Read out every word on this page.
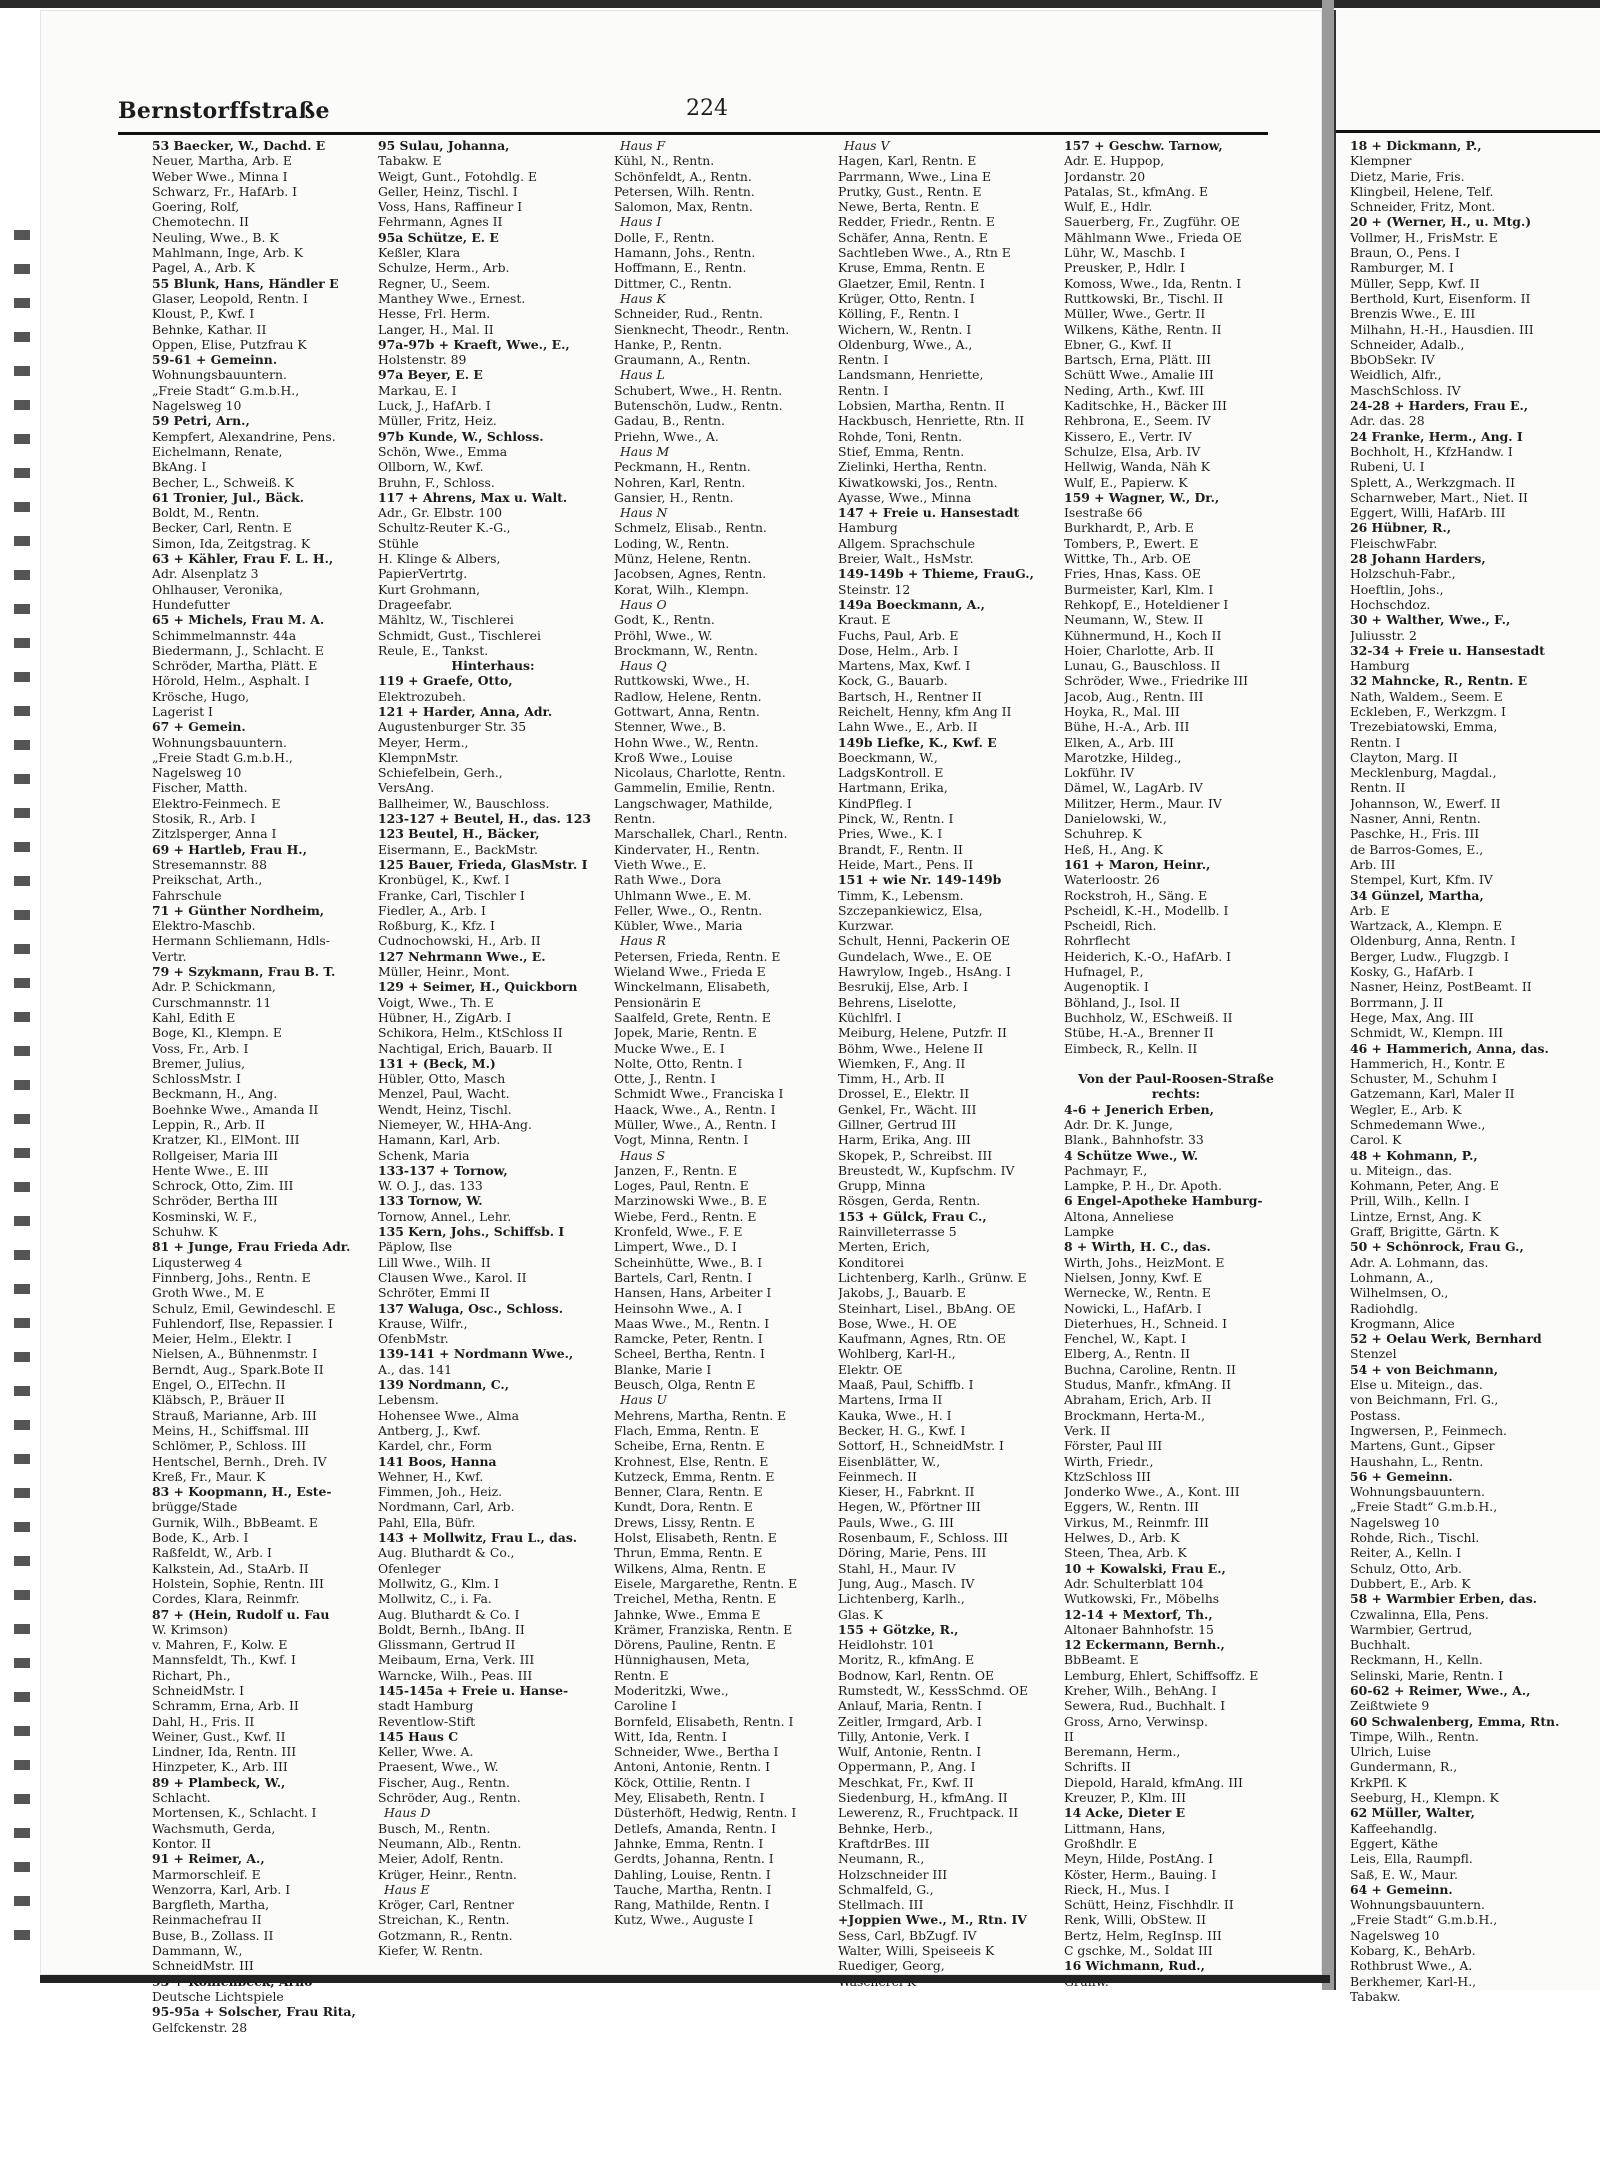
Bernstorffstraße	224
53 Baecker, W., Dachd. E
Neuer, Martha, Arb. E
Weber Wwe., Minna I
Schwarz, Fr., HafArb. I
Goering, Rolf,
Chemotechn. II
Neuling, Wwe., B. K
Mahlmann, Inge, Arb. K
Pagel, A., Arb. K
55 Blunk, Hans, Händler E
Glaser, Leopold, Rentn. I
Kloust, P., Kwf. I
Behnke, Kathar. II
Oppen, Elise, Putzfrau K
59-61 + Gemeinn.
Wohnungsbauuntern.
„Freie Stadt“ G.m.b.H.,
Nagelsweg 10
59 Petri, Arn.,
Kempfert, Alexandrine, Pens.
Eichelmann, Renate,
BkAng. I
Becher, L., Schweiß. K
61 Tronier, Jul., Bäck.
Boldt, M., Rentn.
Becker, Carl, Rentn. E
Simon, Ida, Zeitgstrag. K
63 + Kähler, Frau F. L. H.,
Adr. Alsenplatz 3
Ohlhauser, Veronika,
Hundefutter
65 + Michels, Frau M. A.
Schimmelmannstr. 44a
Biedermann, J., Schlacht. E
Schröder, Martha, Plätt. E
Hörold, Helm., Asphalt. I
Krösche, Hugo,
Lagerist I
67 + Gemein.
Wohnungsbauuntern.
„Freie Stadt G.m.b.H.,
Nagelsweg 10
Fischer, Matth.
Elektro-Feinmech. E
Stosik, R., Arb. I
Zitzlsperger, Anna I
69 + Hartleb, Frau H.,
Stresemannstr. 88
Preikschat, Arth.,
Fahrschule
71 + Günther Nordheim,
Elektro-Maschb.
Hermann Schliemann, Hdls-
Vertr.
79 + Szykmann, Frau B. T.
Adr. P. Schickmann,
Curschmannstr. 11
Kahl, Edith E
Boge, Kl., Klempn. E
Voss, Fr., Arb. I
Bremer, Julius,
SchlossMstr. I
Beckmann, H., Ang.
Boehnke Wwe., Amanda II
Leppin, R., Arb. II
Kratzer, Kl., ElMont. III
Rollgeiser, Maria III
Hente Wwe., E. III
Schrock, Otto, Zim. III
Schröder, Bertha III
Kosminski, W. F.,
Schuhw. K
81 + Junge, Frau Frieda Adr.
Liqusterweg 4
Finnberg, Johs., Rentn. E
Groth Wwe., M. E
Schulz, Emil, Gewindeschl. E
Fuhlendorf, Ilse, Repassier. I
Meier, Helm., Elektr. I
Nielsen, A., Bühnenmstr. I
Berndt, Aug., Spark.Bote II
Engel, O., ElTechn. II
Kläbsch, P., Bräuer II
Strauß, Marianne, Arb. III
Meins, H., Schiffsmal. III
Schlömer, P., Schloss. III
Hentschel, Bernh., Dreh. IV
Kreß, Fr., Maur. K
83 + Koopmann, H., Este-
brügge/Stade
Gurnik, Wilh., BbBeamt. E
Bode, K., Arb. I
Raßfeldt, W., Arb. I
Kalkstein, Ad., StaArb. II
Holstein, Sophie, Rentn. III
Cordes, Klara, Reinmfr.
87 + (Hein, Rudolf u. Fau
W. Krimson)
v. Mahren, F., Kolw. E
Mannsfeldt, Th., Kwf. I
Richart, Ph.,
SchneidMstr. I
Schramm, Erna, Arb. II
Dahl, H., Fris. II
Weiner, Gust., Kwf. II
Lindner, Ida, Rentn. III
Hinzpeter, K., Arb. III
89 + Plambeck, W.,
Schlacht.
Mortensen, K., Schlacht. I
Wachsmuth, Gerda,
Kontor. II
91 + Reimer, A.,
Marmorschleif. E
Wenzorra, Karl, Arb. I
Bargfleth, Martha,
Reinmachefrau II
Buse, B., Zollass. II
Dammann, W.,
SchneidMstr. III
Deutsche Lichtspiele
95-95a + Solscher, Frau Rita,
Gelfckenstr. 28
95 Sulau, Johanna,
Tabakw. E
Weigt, Gunt., Fotohdlg. E
Geller, Heinz, Tischl. I
Voss, Hans, Raffineur I
Fehrmann, Agnes II
95a Schütze, E. E
Keßler, Klara
Schulze, Herm., Arb.
Regner, U., Seem.
Manthey Wwe., Ernest.
Hesse, Frl. Herm.
Langer, H., Mal. II
97a-97b + Kraeft, Wwe., E.,
Holstenstr. 89
97a Beyer, E. E
Markau, E. I
Luck, J., HafArb. I
Müller, Fritz, Heiz.
97b Kunde, W., Schloss.
Schön, Wwe., Emma
Ollborn, W., Kwf.
Bruhn, F., Schloss.
117 + Ahrens, Max u. Walt.
Adr., Gr. Elbstr. 100
Schultz-Reuter K.-G.,
Stühle
H. Klinge & Albers,
PapierVertrtg.
Kurt Grohmann,
Drageefabr.
Mähltz, W., Tischlerei
Schmidt, Gust., Tischlerei
Reule, E., Tankst.
Hinterhaus:
119 + Graefe, Otto,
Elektrozubeh.
121 + Harder, Anna, Adr.
Augustenburger Str. 35
Meyer, Herm.,
KlempnMstr.
Schiefelbein, Gerh.,
VersAng.
Ballheimer, W., Bauschloss.
123-127 + Beutel, H., das. 123
123 Beutel, H., Bäcker,
Eisermann, E., BackMstr.
125 Bauer, Frieda, GlasMstr. I
Kronbügel, K., Kwf. I
Franke, Carl, Tischler I
Fiedler, A., Arb. I
Roßburg, K., Kfz. I
Cudnochowski, H., Arb. II
127 Nehrmann Wwe., E.
Müller, Heinr., Mont.
129 + Seimer, H., Quickborn
Voigt, Wwe., Th. E
Hübner, H., ZigArb. I
Schikora, Helm., KtSchloss II
Nachtigal, Erich, Bauarb. II
131 + (Beck, M.)
Hübler, Otto, Masch
Menzel, Paul, Wacht.
Wendt, Heinz, Tischl.
Niemeyer, W., HHA-Ang.
Hamann, Karl, Arb.
Schenk, Maria
133-137 + Tornow,
W. O. J., das. 133
133 Tornow, W.
Tornow, Annel., Lehr.
135 Kern, Johs., Schiffsb. I
Päplow, Ilse
Lill Wwe., Wilh. II
Clausen Wwe., Karol. II
Schröter, Emmi II
137 Waluga, Osc., Schloss.
Krause, Wilfr.,
OfenbMstr.
139-141 + Nordmann Wwe.,
A., das. 141
139 Nordmann, C.,
Lebensm.
Hohensee Wwe., Alma
Antberg, J., Kwf.
Kardel, chr., Form
141 Boos, Hanna
Wehner, H., Kwf.
Fimmen, Joh., Heiz.
Nordmann, Carl, Arb.
Pahl, Ella, Büfr.
143 + Mollwitz, Frau L., das.
Aug. Bluthardt & Co.,
Ofenleger
Mollwitz, G., Klm. I
Mollwitz, C., i. Fa.
Aug. Bluthardt & Co. I
Boldt, Bernh., IbAng. II
Glissmann, Gertrud II
Meibaum, Erna, Verk. III
Warncke, Wilh., Peas. III
145-145a + Freie u. Hanse-
stadt Hamburg
Reventlow-Stift
145 Haus C
Keller, Wwe. A.
Praesent, Wwe., W.
Fischer, Aug., Rentn.
Schröder, Aug., Rentn.
Haus D
Busch, M., Rentn.
Neumann, Alb., Rentn.
Meier, Adolf, Rentn.
Krüger, Heinr., Rentn.
Haus E
Kröger, Carl, Rentner
Streichan, K., Rentn.
Gotzmann, R., Rentn.
Kiefer, W. Rentn.
Haus F
Kühl, N., Rentn.
Schönfeldt, A., Rentn.
Petersen, Wilh. Rentn.
Salomon, Max, Rentn.
Haus I
Dolle, F., Rentn.
Hamann, Johs., Rentn.
Hoffmann, E., Rentn.
Dittmer, C., Rentn.
Haus K
Schneider, Rud., Rentn.
Sienknecht, Theodr., Rentn.
Hanke, P., Rentn.
Graumann, A., Rentn.
Haus L
Schubert, Wwe., H. Rentn.
Butenschön, Ludw., Rentn.
Gadau, B., Rentn.
Priehn, Wwe., A.
Haus M
Peckmann, H., Rentn.
Nohren, Karl, Rentn.
Gansier, H., Rentn.
Haus N
Schmelz, Elisab., Rentn.
Loding, W., Rentn.
Münz, Helene, Rentn.
Jacobsen, Agnes, Rentn.
Korat, Wilh., Klempn.
Haus O
Godt, K., Rentn.
Pröhl, Wwe., W.
Brockmann, W., Rentn.
Haus Q
Ruttkowski, Wwe., H.
Radlow, Helene, Rentn.
Gottwart, Anna, Rentn.
Stenner, Wwe., B.
Hohn Wwe., W., Rentn.
Kroß Wwe., Louise
Nicolaus, Charlotte, Rentn.
Gammelin, Emilie, Rentn.
Langschwager, Mathilde,
Rentn.
Marschallek, Charl., Rentn.
Kindervater, H., Rentn.
Vieth Wwe., E.
Rath Wwe., Dora
Uhlmann Wwe., E. M.
Feller, Wwe., O., Rentn.
Kübler, Wwe., Maria
Haus R
Petersen, Frieda, Rentn. E
Wieland Wwe., Frieda E
Winckelmann, Elisabeth,
Pensionärin E
Saalfeld, Grete, Rentn. E
Jopek, Marie, Rentn. E
Mucke Wwe., E. I
Nolte, Otto, Rentn. I
Otte, J., Rentn. I
Schmidt Wwe., Franciska I
Haack, Wwe., A., Rentn. I
Müller, Wwe., A., Rentn. I
Vogt, Minna, Rentn. I
Haus S
Janzen, F., Rentn. E
Loges, Paul, Rentn. E
Marzinowski Wwe., B. E
Wiebe, Ferd., Rentn. E
Kronfeld, Wwe., F. E
Limpert, Wwe., D. I
Scheinhütte, Wwe., B. I
Bartels, Carl, Rentn. I
Hansen, Hans, Arbeiter I
Heinsohn Wwe., A. I
Maas Wwe., M., Rentn. I
Ramcke, Peter, Rentn. I
Scheel, Bertha, Rentn. I
Blanke, Marie I
Beusch, Olga, Rentn E
Haus U
Mehrens, Martha, Rentn. E
Flach, Emma, Rentn. E
Scheibe, Erna, Rentn. E
Krohnest, Else, Rentn. E
Kutzeck, Emma, Rentn. E
Benner, Clara, Rentn. E
Kundt, Dora, Rentn. E
Drews, Lissy, Rentn. E
Holst, Elisabeth, Rentn. E
Thrun, Emma, Rentn. E
Wilkens, Alma, Rentn. E
Eisele, Margarethe, Rentn. E
Treichel, Metha, Rentn. E
Jahnke, Wwe., Emma E
Krämer, Franziska, Rentn. E
Dörens, Pauline, Rentn. E
Hünnighausen, Meta,
Rentn. E
Moderitzki, Wwe.,
Caroline I
Bornfeld, Elisabeth, Rentn. I
Witt, Ida, Rentn. I
Schneider, Wwe., Bertha I
Antoni, Antonie, Rentn. I
Köck, Ottilie, Rentn. I
Mey, Elisabeth, Rentn. I
Düsterhöft, Hedwig, Rentn. I
Detlefs, Amanda, Rentn. I
Jahnke, Emma, Rentn. I
Gerdts, Johanna, Rentn. I
Dahling, Louise, Rentn. I
Tauche, Martha, Rentn. I
Rang, Mathilde, Rentn. I
Kutz, Wwe., Auguste I
Haus V
Hagen, Karl, Rentn. E
Parrmann, Wwe., Lina E
Prutky, Gust., Rentn. E
Newe, Berta, Rentn. E
Redder, Friedr., Rentn. E
Schäfer, Anna, Rentn. E
Sachtleben Wwe., A., Rtn E
Kruse, Emma, Rentn. E
Glaetzer, Emil, Rentn. I
Krüger, Otto, Rentn. I
Kölling, F., Rentn. I
Wichern, W., Rentn. I
Oldenburg, Wwe., A.,
Rentn. I
Landsmann, Henriette,
Rentn. I
Lobsien, Martha, Rentn. II
Hackbusch, Henriette, Rtn. II
Rohde, Toni, Rentn.
Stief, Emma, Rentn.
Zielinki, Hertha, Rentn.
Kiwatkowski, Jos., Rentn.
Ayasse, Wwe., Minna
147 + Freie u. Hansestadt
Hamburg
Allgem. Sprachschule
Breier, Walt., HsMstr.
149-149b + Thieme, FrauG.,
Steinstr. 12
149a Boeckmann, A.,
Kraut. E
Fuchs, Paul, Arb. E
Dose, Helm., Arb. I
Martens, Max, Kwf. I
Kock, G., Bauarb.
Bartsch, H., Rentner II
Reichelt, Henny, kfm Ang II
Lahn Wwe., E., Arb. II
149b Liefke, K., Kwf. E
Boeckmann, W.,
LadgsKontroll. E
Hartmann, Erika,
KindPfleg. I
Pinck, W., Rentn. I
Pries, Wwe., K. I
Brandt, F., Rentn. II
Heide, Mart., Pens. II
151 + wie Nr. 149-149b
Timm, K., Lebensm.
Szczepankiewicz, Elsa,
Kurzwar.
Schult, Henni, Packerin OE
Gundelach, Wwe., E. OE
Hawrylow, Ingeb., HsAng. I
Besrukij, Else, Arb. I
Behrens, Liselotte,
Küchlfrl. I
Meiburg, Helene, Putzfr. II
Böhm, Wwe., Helene II
Wiemken, F., Ang. II
Timm, H., Arb. II
Drossel, E., Elektr. II
Genkel, Fr., Wächt. III
Gillner, Gertrud III
Harm, Erika, Ang. III
Skopek, P., Schreibst. III
Breustedt, W., Kupfschm. IV
Grupp, Minna
Rösgen, Gerda, Rentn.
153 + Gülck, Frau C.,
Rainvilleterrasse 5
Merten, Erich,
Konditorei
Lichtenberg, Karlh., Grünw. E
Jakobs, J., Bauarb. E
Steinhart, Lisel., BbAng. OE
Bose, Wwe., H. OE
Kaufmann, Agnes, Rtn. OE
Wohlberg, Karl-H.,
Elektr. OE
Maaß, Paul, Schiffb. I
Martens, Irma II
Kauka, Wwe., H. I
Becker, H. G., Kwf. I
Sottorf, H., SchneidMstr. I
Eisenblätter, W.,
Feinmech. II
Kieser, H., Fabrknt. II
Hegen, W., Pförtner III
Pauls, Wwe., G. III
Rosenbaum, F., Schloss. III
Döring, Marie, Pens. III
Stahl, H., Maur. IV
Jung, Aug., Masch. IV
Lichtenberg, Karlh.,
Glas. K
155 + Götzke, R.,
Heidlohstr. 101
Moritz, R., kfmAng. E
Bodnow, Karl, Rentn. OE
Rumstedt, W., KessSchmd. OE
Anlauf, Maria, Rentn. I
Zeitler, Irmgard, Arb. I
Tilly, Antonie, Verk. I
Wulf, Antonie, Rentn. I
Oppermann, P., Ang. I
Meschkat, Fr., Kwf. II
Siedenburg, H., kfmAng. II
Lewerenz, R., Fruchtpack. II
Behnke, Herb.,
KraftdrBes. III
Neumann, R.,
Holzschneider III
Schmalfeld, G.,
Stellmach. III
+Joppien Wwe., M., Rtn. IV
Sess, Carl, BbZugf. IV
Walter, Willi, Speiseeis K
Ruediger, Georg,
157 + Geschw. Tarnow,
Adr. E. Huppop,
Jordanstr. 20
Patalas, St., kfmAng. E
Wulf, E., Hdlr.
Sauerberg, Fr., Zugführ. OE
Mählmann Wwe., Frieda OE
Lühr, W., Maschb. I
Preusker, P., Hdlr. I
Komoss, Wwe., Ida, Rentn. I
Ruttkowski, Br., Tischl. II
Müller, Wwe., Gertr. II
Wilkens, Käthe, Rentn. II
Ebner, G., Kwf. II
Bartsch, Erna, Plätt. III
Schütt Wwe., Amalie III
Neding, Arth., Kwf. III
Kaditschke, H., Bäcker III
Rehbrona, E., Seem. IV
Kissero, E., Vertr. IV
Schulze, Elsa, Arb. IV
Hellwig, Wanda, Näh K
Wulf, E., Papierw. K
159 + Wagner, W., Dr.,
Isestraße 66
Burkhardt, P., Arb. E
Tombers, P., Ewert. E
Wittke, Th., Arb. OE
Fries, Hnas, Kass. OE
Burmeister, Karl, Klm. I
Rehkopf, E., Hoteldiener I
Neumann, W., Stew. II
Kühnermund, H., Koch II
Hoier, Charlotte, Arb. II
Lunau, G., Bauschloss. II
Schröder, Wwe., Friedrike III
Jacob, Aug., Rentn. III
Hoyka, R., Mal. III
Bühe, H.-A., Arb. III
Elken, A., Arb. III
Marotzke, Hildeg.,
Lokführ. IV
Dämel, W., LagArb. IV
Militzer, Herm., Maur. IV
Danielowski, W.,
Schuhrep. K
Heß, H., Ang. K
161 + Maron, Heinr.,
Waterloostr. 26
Rockstroh, H., Säng. E
Pscheidl, K.-H., Modellb. I
Pscheidl, Rich.
Rohrflecht
Heiderich, K.-O., HafArb. I
Hufnagel, P.,
Augenoptik. I
Böhland, J., Isol. II
Buchholz, W., ESchweiß. II
Stübe, H.-A., Brenner II
Eimbeck, R., Kelln. II
Von der Paul-Roosen-Straße
rechts:
4-6 + Jenerich Erben,
Adr. Dr. K. Junge,
Blank., Bahnhofstr. 33
4 Schütze Wwe., W.
Pachmayr, F.,
Lampke, P. H., Dr. Apoth.
6 Engel-Apotheke Hamburg-
Altona, Anneliese
Lampke
8 + Wirth, H. C., das.
Wirth, Johs., HeizMont. E
Nielsen, Jonny, Kwf. E
Wernecke, W., Rentn. E
Nowicki, L., HafArb. I
Dieterhues, H., Schneid. I
Fenchel, W., Kapt. I
Elberg, A., Rentn. II
Buchna, Caroline, Rentn. II
Studus, Manfr., kfmAng. II
Abraham, Erich, Arb. II
Brockmann, Herta-M.,
Verk. II
Förster, Paul III
Wirth, Friedr.,
KtzSchloss III
Jonderko Wwe., A., Kont. III
Eggers, W., Rentn. III
Virkus, M., Reinmfr. III
Helwes, D., Arb. K
Steen, Thea, Arb. K
10 + Kowalski, Frau E.,
Adr. Schulterblatt 104
Wutkowski, Fr., Möbelhs
12-14 + Mextorf, Th.,
Altonaer Bahnhofstr. 15
12 Eckermann, Bernh.,
BbBeamt. E
Lemburg, Ehlert, Schiffsoffz. E
Kreher, Wilh., BehAng. I
Sewera, Rud., Buchhalt. I
Gross, Arno, Verwinsp.
II
Beremann, Herm.,
Schrifts. II
Diepold, Harald, kfmAng. III
Kreuzer, P., Klm. III
14 Acke, Dieter E
Littmann, Hans,
Großhdlr. E
Meyn, Hilde, PostAng. I
Köster, Herm., Bauing. I
Rieck, H., Mus. I
Schütt, Heinz, Fischhdlr. II
Renk, Willi, ObStew. II
Bertz, Helm, RegInsp. III
C gschke, M., Soldat III
16 Wichmann, Rud.,
18 + Dickmann, P.,
Klempner
Dietz, Marie, Fris.
Klingbeil, Helene, Telf.
Schneider, Fritz, Mont.
20 + (Werner, H., u. Mtg.)
Vollmer, H., FrisMstr. E
Braun, O., Pens. I
Ramburger, M. I
Müller, Sepp, Kwf. II
Berthold, Kurt, Eisenform. II
Brenzis Wwe., E. III
Milhahn, H.-H., Hausdien. III
Schneider, Adalb.,
BbObSekr. IV
Weidlich, Alfr.,
MaschSchloss. IV
24-28 + Harders, Frau E.,
Adr. das. 28
24 Franke, Herm., Ang. I
Bochholt, H., KfzHandw. I
Rubeni, U. I
Splett, A., Werkzgmach. II
Scharnweber, Mart., Niet. II
Eggert, Willi, HafArb. III
26 Hübner, R.,
FleischwFabr.
28 Johann Harders,
Holzschuh-Fabr.,
Hoeftlin, Johs.,
Hochschdoz.
30 + Walther, Wwe., F.,
Juliusstr. 2
32-34 + Freie u. Hansestadt
Hamburg
32 Mahncke, R., Rentn. E
Nath, Waldem., Seem. E
Eckleben, F., Werkzgm. I
Trezebiatowski, Emma,
Rentn. I
Clayton, Marg. II
Mecklenburg, Magdal.,
Rentn. II
Johannson, W., Ewerf. II
Nasner, Anni, Rentn.
Paschke, H., Fris. III
de Barros-Gomes, E.,
Arb. III
Stempel, Kurt, Kfm. IV
34 Günzel, Martha,
Arb. E
Wartzack, A., Klempn. E
Oldenburg, Anna, Rentn. I
Berger, Ludw., Flugzgb. I
Kosky, G., HafArb. I
Nasner, Heinz, PostBeamt. II
Borrmann, J. II
Hege, Max, Ang. III
Schmidt, W., Klempn. III
46 + Hammerich, Anna, das.
Hammerich, H., Kontr. E
Schuster, M., Schuhm I
Gatzemann, Karl, Maler II
Wegler, E., Arb. K
Schmedemann Wwe.,
Carol. K
48 + Kohmann, P.,
u. Miteign., das.
Kohmann, Peter, Ang. E
Prill, Wilh., Kelln. I
Lintze, Ernst, Ang. K
Graff, Brigitte, Gärtn. K
50 + Schönrock, Frau G.,
Adr. A. Lohmann, das.
Lohmann, A.,
Wilhelmsen, O.,
Radiohdlg.
Krogmann, Alice
52 + Oelau Werk, Bernhard
Stenzel
54 + von Beichmann,
Else u. Miteign., das.
von Beichmann, Frl. G.,
Postass.
Ingwersen, P., Feinmech.
Martens, Gunt., Gipser
Haushahn, L., Rentn.
56 + Gemeinn.
Wohnungsbauuntern.
„Freie Stadt“ G.m.b.H.,
Nagelsweg 10
Rohde, Rich., Tischl.
Reiter, A., Kelln. I
Schulz, Otto, Arb.
Dubbert, E., Arb. K
58 + Warmbier Erben, das.
Czwalinna, Ella, Pens.
Warmbier, Gertrud,
Buchhalt.
Reckmann, H., Kelln.
Selinski, Marie, Rentn. I
60-62 + Reimer, Wwe., A.,
Zeißtwiete 9
60 Schwalenberg, Emma, Rtn.
Timpe, Wilh., Rentn.
Ulrich, Luise
Gundermann, R.,
KrkPfl. K
Seeburg, H., Klempn. K
62 Müller, Walter,
Kaffeehandlg.
Eggert, Käthe
Leis, Ella, Raumpfl.
Saß, E. W., Maur.
64 + Gemeinn.
Wohnungsbauuntern.
„Freie Stadt“ G.m.b.H.,
Nagelsweg 10
Kobarg, K., BehArb.
Rothbrust Wwe., A.
Berkhemer, Karl-H.,
Tabakw.
